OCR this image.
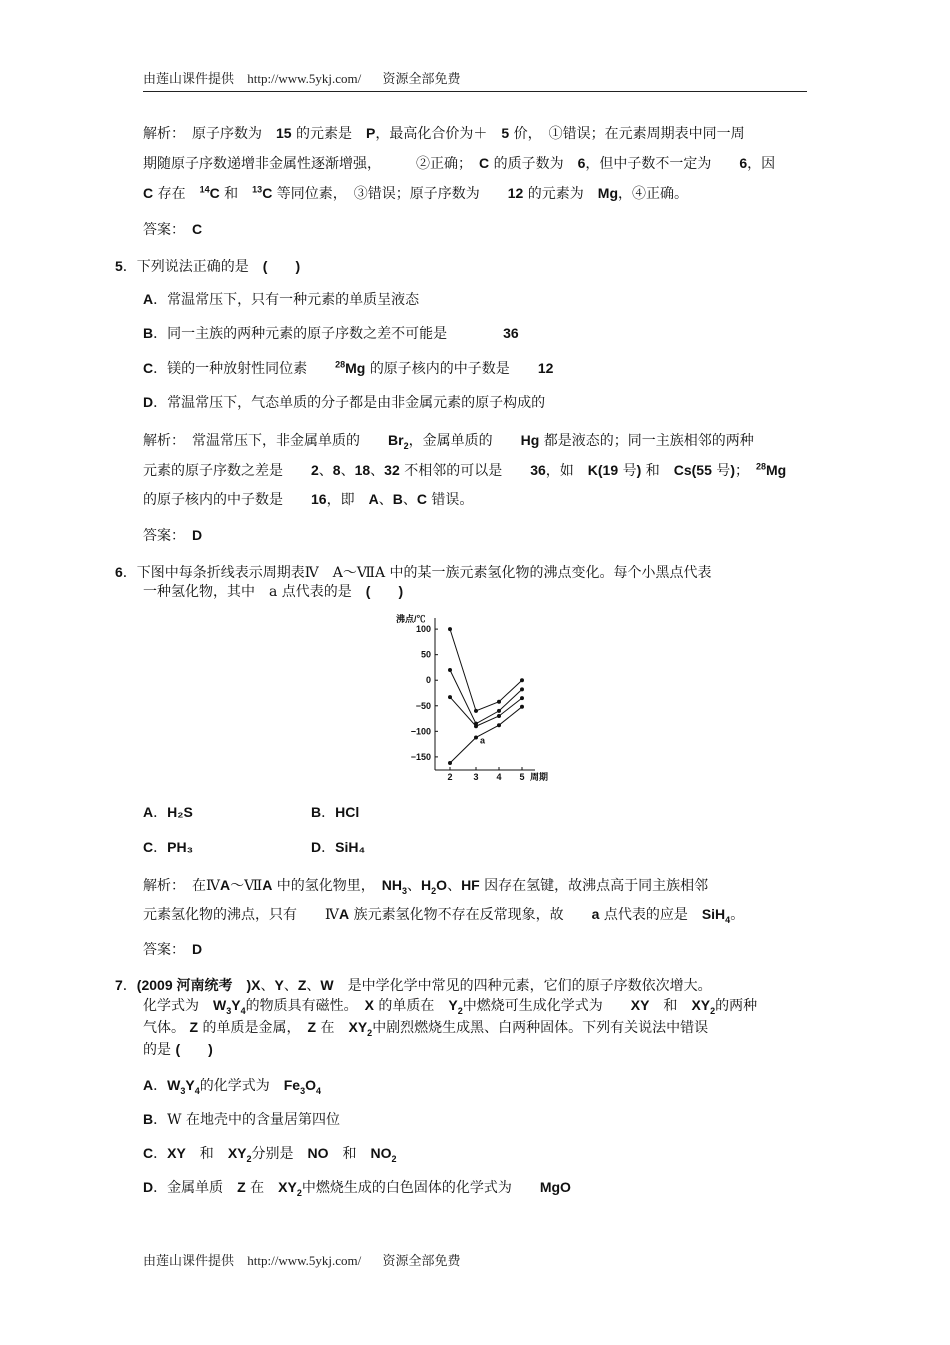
由莲山课件提供 http://www.5ykj.com/ 资源全部免费
解析：　原子序数为　15 的元素是　P，最高化合价为＋　5 价，　①错误；在元素周期表中同一周
期随原子序数递增非金属性逐渐增强，　　　②正确；　C 的质子数为　6，但中子数不一定为　　6，因
C 存在　$^{14}$C 和　$^{13}$C 等同位素，　③错误；原子序数为　　12 的元素为　Mg，④正确。
答案：　 C
5．下列说法正确的是　 (　　)
A．常温常压下，只有一种元素的单质呈液态
B．同一主族的两种元素的原子序数之差不可能是　　　　	36
C．镁的一种放射性同位素　　	$^{28}$Mg 的原子核内的中子数是　　 12
D．常温常压下，气态单质的分子都是由非金属元素的原子构成的
解析：　常温常压下，非金属单质的　　$Br_2$，金属单质的　　Hg 都是液态的；同一主族相邻的两种
元素的原子序数之差是　　2、8、18、32 不相邻的可以是　　36，如　K(19 号) 和　Cs(55 号)；　$^{28}$Mg
的原子核内的中子数是　　16，即　A、B、C 错误。
答案：　 D
6．下图中每条折线表示周期表Ⅳ　A～ⅦA 中的某一族元素氢化物的沸点变化。每个小黑点代表
一种氢化物，其中　a 点代表的是　 (　　)
沸点/℃
100
50
0
−50
−100
−150
2 3 4 5
a
周期
A．H₂S	B．HCl
C．PH₃	D．SiH₄
解析：　在ⅣA～ⅦA 中的氢化物里，　$NH_3$、$H_2O$、HF 因存在氢键，故沸点高于同主族相邻
元素氢化物的沸点，只有　　ⅣA 族元素氢化物不存在反常现象，故　　a 点代表的应是　SiH$_4$。
答案：　 D
7．(2009 河南统考　)X、Y、Z、W　是中学化学中常见的四种元素，它们的原子序数依次增大。
化学式为　$W_3Y_4$的物质具有磁性。　X 的单质在　$Y_2$中燃烧可生成化学式为　　XY　和　$XY_2$的两种
气体。 Z 的单质是金属，　Z 在　$XY_2$中剧烈燃烧生成黑、白两种固体。下列有关说法中错误
的是 (　　 )
A．$W_3Y_4$的化学式为　$Fe_3O_4$
B．W 在地壳中的含量居第四位
C．XY　和　$XY_2$分别是　NO　和　$NO_2$
D．金属单质　Z 在　$XY_2$中燃烧生成的白色固体的化学式为　　MgO
由莲山课件提供 http://www.5ykj.com/ 资源全部免费
